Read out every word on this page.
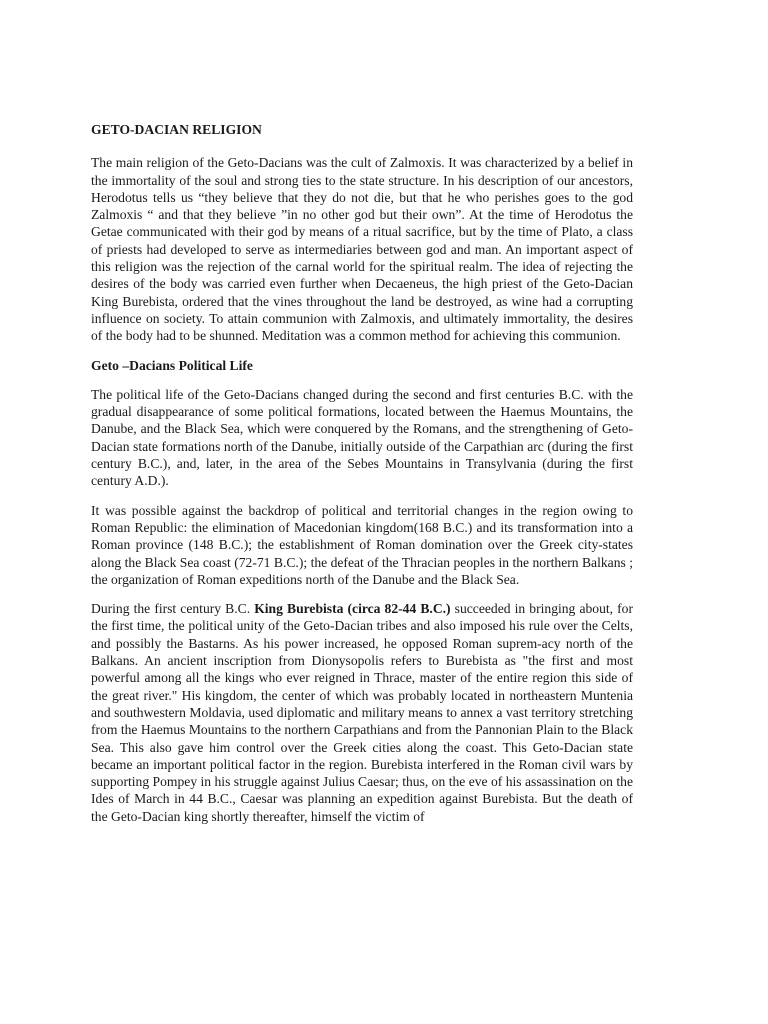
GETO-DACIAN RELIGION

The main religion of the Geto-Dacians was the cult of Zalmoxis. It was characterized by a belief in the immortality of the soul and strong ties to the state structure. In his description of our ancestors, Herodotus tells us “they believe that they do not die, but that he who perishes goes to the god Zalmoxis “ and that they believe ”in no other god but their own”. At the time of Herodotus the Getae communicated with their god by means of a ritual sacrifice, but by the time of Plato, a class of priests had developed to serve as intermediaries between god and man. An important aspect of this religion was the rejection of the carnal world for the spiritual realm. The idea of rejecting the desires of the body was carried even further when Decaeneus, the high priest of the Geto-Dacian King Burebista, ordered that the vines throughout the land be destroyed, as wine had a corrupting influence on society. To attain communion with Zalmoxis, and ultimately immortality, the desires of the body had to be shunned. Meditation was a common method for achieving this communion.

Geto –Dacians Political Life

The political life of the Geto-Dacians changed during the second and first centuries B.C. with the gradual disappearance of some political formations, located between the Haemus Mountains, the Danube, and the Black Sea, which were conquered by the Romans, and the strengthening of Geto-Dacian state formations north of the Danube, initially outside of the Carpathian arc (during the first century B.C.), and, later, in the area of the Sebes Mountains in Transylvania (during the first century A.D.).

It was possible against the backdrop of political and territorial changes in the region owing to Roman Republic: the elimination of Macedonian kingdom(168 B.C.) and its transformation into a Roman province (148 B.C.); the establishment of Roman domination over the Greek city-states along the Black Sea coast (72-71 B.C.); the defeat of the Thracian peoples in the northern Balkans ; the organization of Roman expeditions north of the Danube and the Black Sea.

During the first century B.C. King Burebista (circa 82-44 B.C.) succeeded in bringing about, for the first time, the political unity of the Geto-Dacian tribes and also imposed his rule over the Celts, and possibly the Bastarns. As his power increased, he opposed Roman suprem-acy north of the Balkans. An ancient inscription from Dionysopolis refers to Burebista as "the first and most powerful among all the kings who ever reigned in Thrace, master of the entire region this side of the great river." His kingdom, the center of which was probably located in northeastern Muntenia and southwestern Moldavia, used diplomatic and military means to annex a vast territory stretching from the Haemus Mountains to the northern Carpathians and from the Pannonian Plain to the Black Sea. This also gave him control over the Greek cities along the coast. This Geto-Dacian state became an important political factor in the region. Burebista interfered in the Roman civil wars by supporting Pompey in his struggle against Julius Caesar; thus, on the eve of his assassination on the Ides of March in 44 B.C., Caesar was planning an expedition against Burebista. But the death of the Geto-Dacian king shortly thereafter, himself the victim of
